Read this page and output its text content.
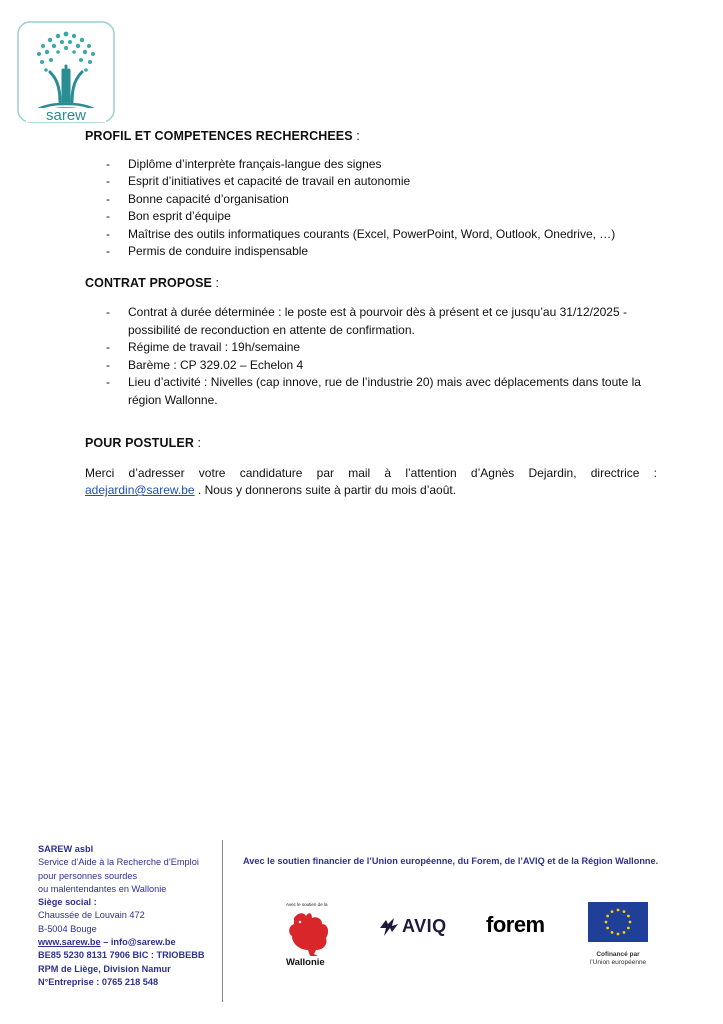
sarew
PROFIL ET COMPETENCES RECHERCHEES :
- Diplôme d’interprète français-langue des signes
- Esprit d’initiatives et capacité de travail en autonomie
- Bonne capacité d’organisation
- Bon esprit d’équipe
- Maîtrise des outils informatiques courants (Excel, PowerPoint, Word, Outlook, Onedrive, …)
- Permis de conduire indispensable
CONTRAT PROPOSE :
- Contrat à durée déterminée : le poste est à pourvoir dès à présent et ce jusqu’au 31/12/2025 - possibilité de reconduction en attente de confirmation.
- Régime de travail : 19h/semaine
- Barème : CP 329.02 – Echelon 4
- Lieu d’activité : Nivelles (cap innove, rue de l’industrie 20) mais avec déplacements dans toute la région Wallonne.
POUR POSTULER :

Merci d’adresser votre candidature par mail à l’attention d’Agnès Dejardin, directrice :
adejardin@sarew.be . Nous y donnerons suite à partir du mois d’août.

SAREW asbl
Service d’Aide à la Recherche d’Emploi
pour personnes sourdes
ou malentendantes en Wallonie
Siège social :
Chaussée de Louvain 472
B-5004 Bouge
www.sarew.be – info@sarew.be
BE85 5230 8131 7906 BIC : TRIOBEBB
RPM de Liège, Division Namur
N°Entreprise : 0765 218 548
Avec le soutien financier de l’Union européenne, du Forem, de l’AVIQ et de la Région Wallonne.
Avec le soutien de la
Wallonie
AVIQ forem
Cofinancé par
l’Union européenne
